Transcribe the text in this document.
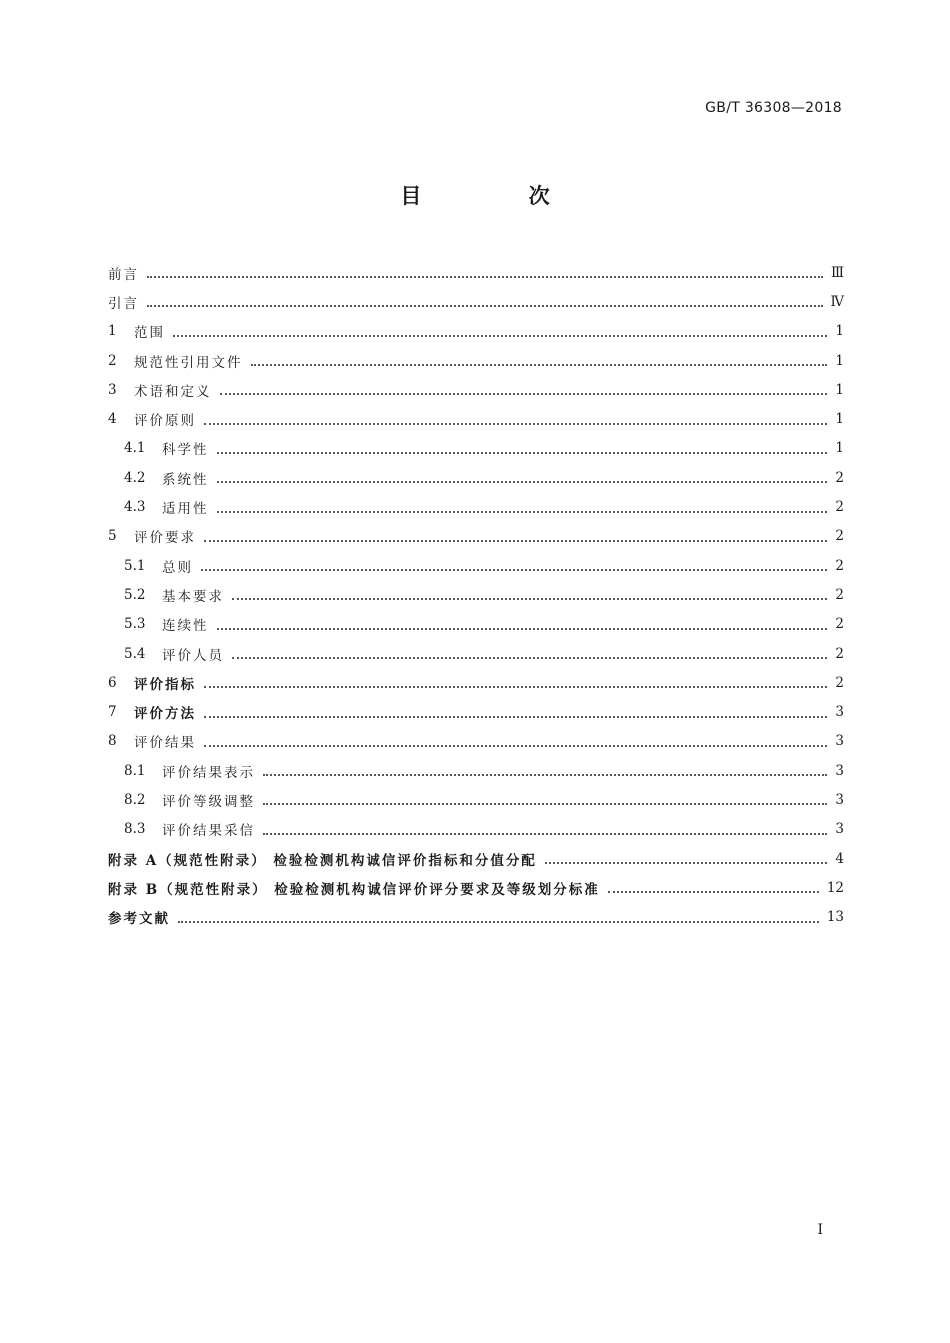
GB/T 36308—2018
目 次
前言	Ⅲ
引言	Ⅳ
1	范围	1
2	规范性引用文件	1
3	术语和定义	1
4	评价原则	1
4.1	科学性	1
4.2	系统性	2
4.3	适用性	2
5	评价要求	2
5.1	总则	2
5.2	基本要求	2
5.3	连续性	2
5.4	评价人员	2
6	评价指标	2
7	评价方法	3
8	评价结果	3
8.1	评价结果表示	3
8.2	评价等级调整	3
8.3	评价结果采信	3
附录 A（规范性附录） 检验检测机构诚信评价指标和分值分配	4
附录 B（规范性附录） 检验检测机构诚信评价评分要求及等级划分标准	12
参考文献	13
I
